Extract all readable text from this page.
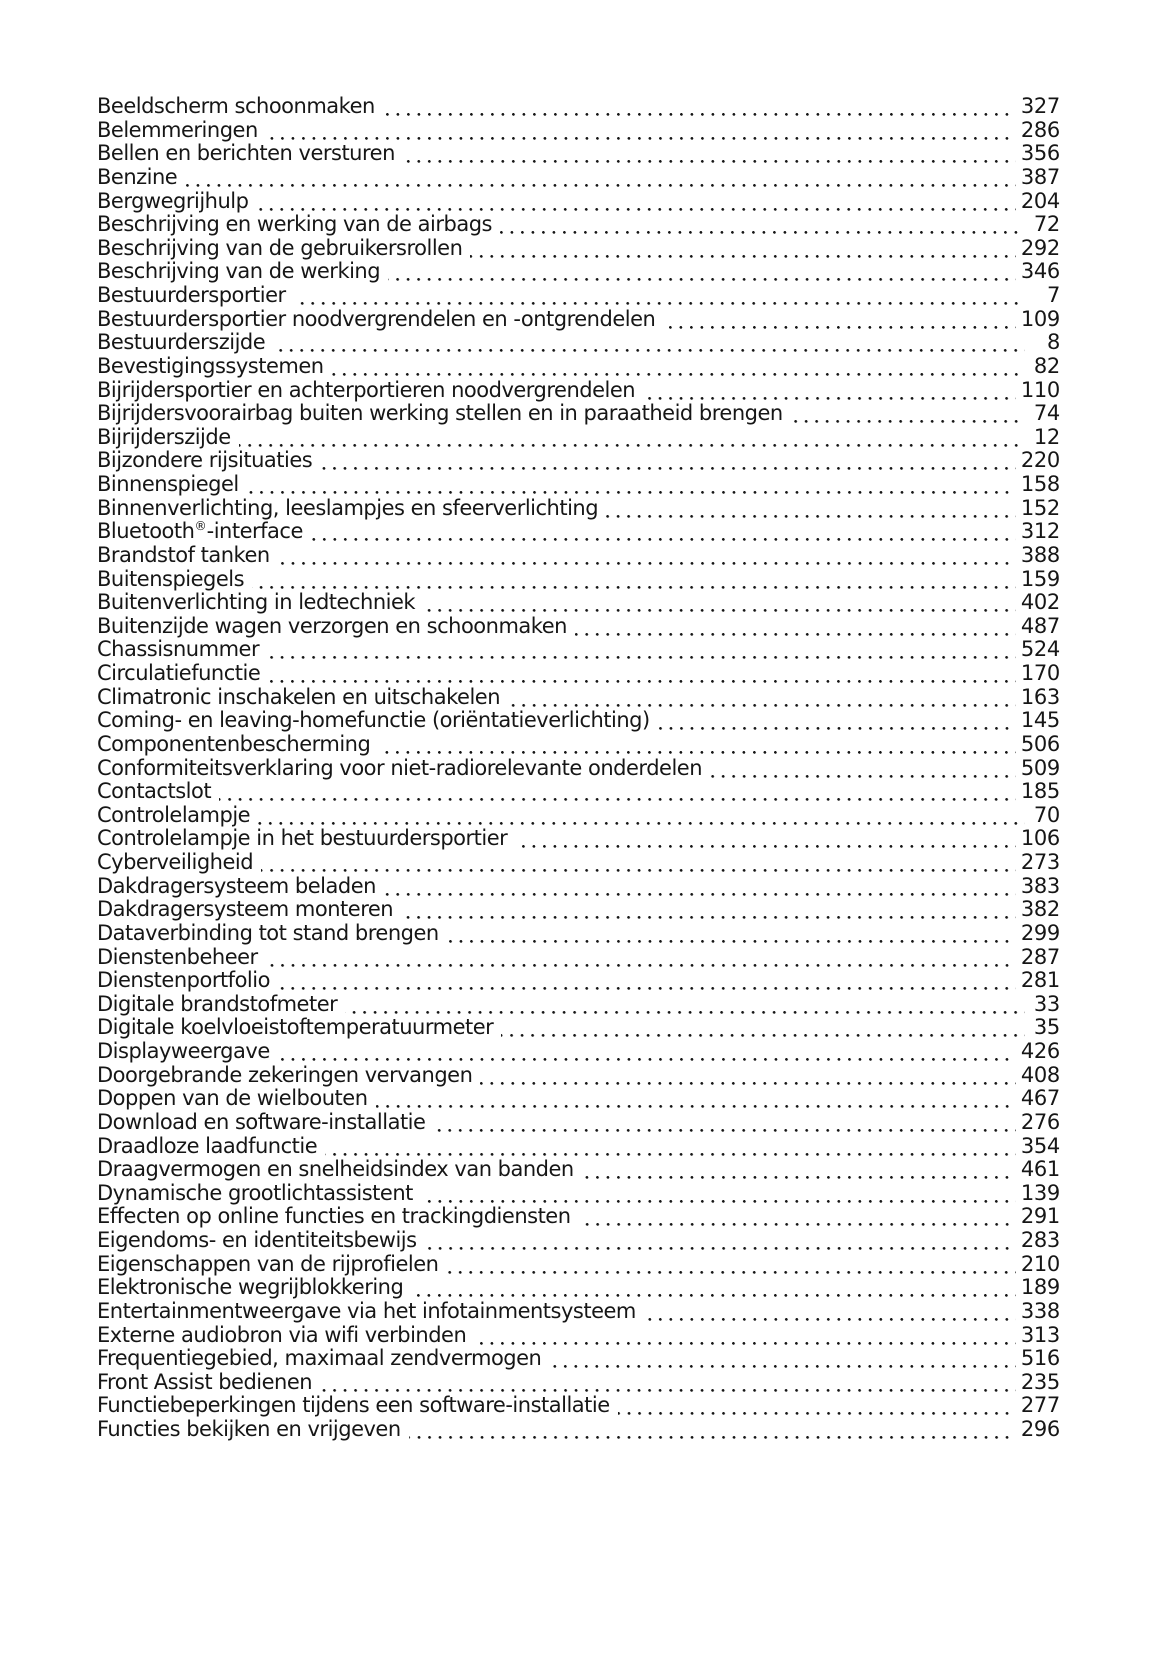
Beeldscherm schoonmaken	327
Belemmeringen	286
Bellen en berichten versturen	356
Benzine	387
Bergwegrijhulp	204
Beschrijving en werking van de airbags	72
Beschrijving van de gebruikersrollen	292
Beschrijving van de werking	346
Bestuurdersportier	7
Bestuurdersportier noodvergrendelen en -ontgrendelen	109
Bestuurderszijde	8
Bevestigingssystemen	82
Bijrijdersportier en achterportieren noodvergrendelen	110
Bijrijdersvoorairbag buiten werking stellen en in paraatheid brengen	74
Bijrijderszijde	12
Bijzondere rijsituaties	220
Binnenspiegel	158
Binnenverlichting, leeslampjes en sfeerverlichting	152
Bluetooth®-interface	312
Brandstof tanken	388
Buitenspiegels	159
Buitenverlichting in ledtechniek	402
Buitenzijde wagen verzorgen en schoonmaken	487
Chassisnummer	524
Circulatiefunctie	170
Climatronic inschakelen en uitschakelen	163
Coming- en leaving-homefunctie (oriëntatieverlichting)	145
Componentenbescherming	506
Conformiteitsverklaring voor niet-radiorelevante onderdelen	509
Contactslot	185
Controlelampje	70
Controlelampje in het bestuurdersportier	106
Cyberveiligheid	273
Dakdragersysteem beladen	383
Dakdragersysteem monteren	382
Dataverbinding tot stand brengen	299
Dienstenbeheer	287
Dienstenportfolio	281
Digitale brandstofmeter	33
Digitale koelvloeistoftemperatuurmeter	35
Displayweergave	426
Doorgebrande zekeringen vervangen	408
Doppen van de wielbouten	467
Download en software-installatie	276
Draadloze laadfunctie	354
Draagvermogen en snelheidsindex van banden	461
Dynamische grootlichtassistent	139
Effecten op online functies en trackingdiensten	291
Eigendoms- en identiteitsbewijs	283
Eigenschappen van de rijprofielen	210
Elektronische wegrijblokkering	189
Entertainmentweergave via het infotainmentsysteem	338
Externe audiobron via wifi verbinden	313
Frequentiegebied, maximaal zendvermogen	516
Front Assist bedienen	235
Functiebeperkingen tijdens een software-installatie	277
Functies bekijken en vrijgeven	296
